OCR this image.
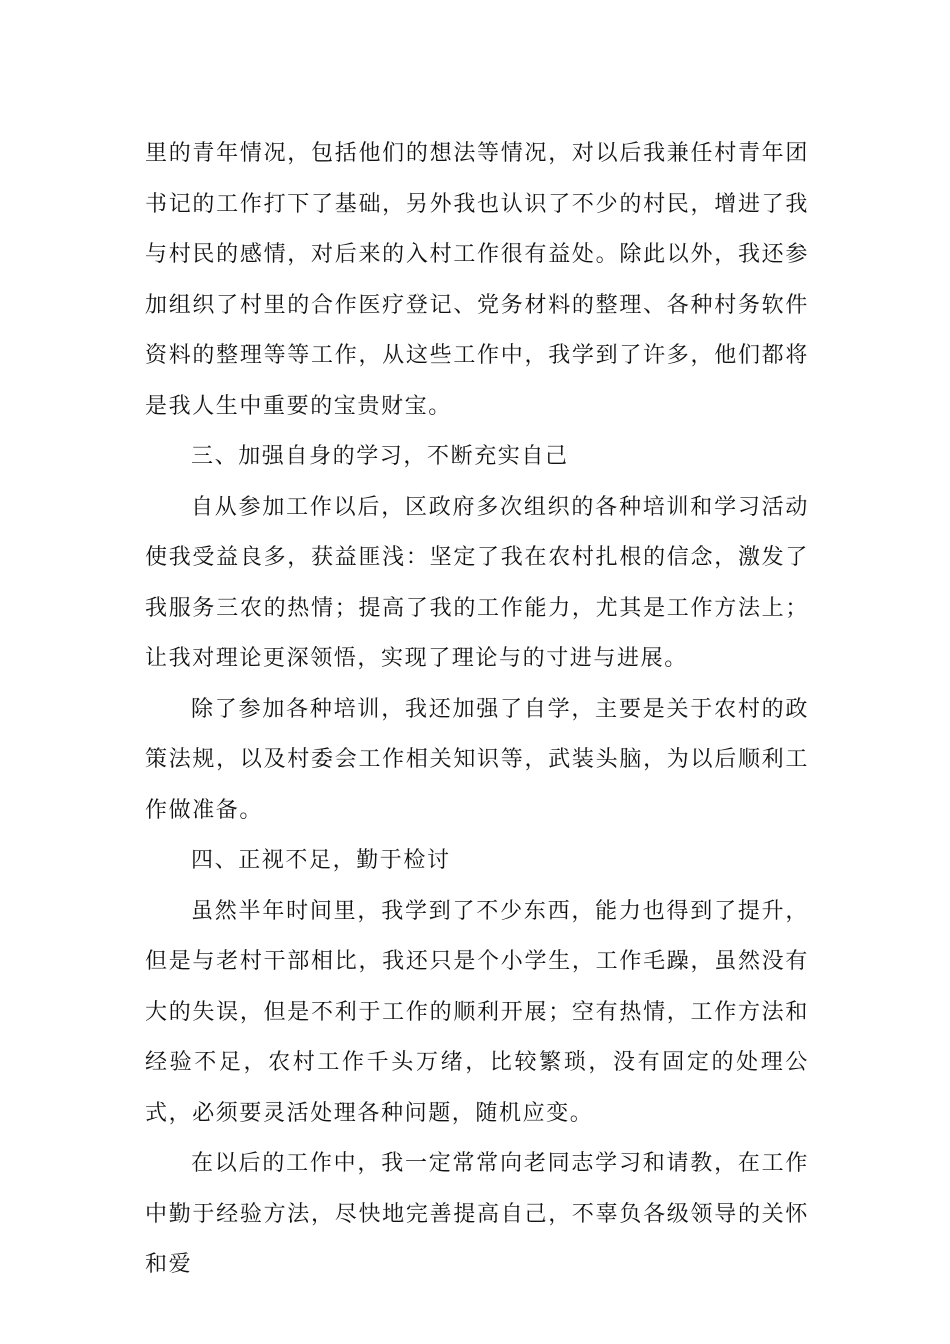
里的青年情况，包括他们的想法等情况，对以后我兼任村青年团书记的工作打下了基础，另外我也认识了不少的村民，增进了我与村民的感情，对后来的入村工作很有益处。除此以外，我还参加组织了村里的合作医疗登记、党务材料的整理、各种村务软件资料的整理等等工作，从这些工作中，我学到了许多，他们都将是我人生中重要的宝贵财宝。

三、加强自身的学习，不断充实自己

自从参加工作以后，区政府多次组织的各种培训和学习活动使我受益良多，获益匪浅：坚定了我在农村扎根的信念，激发了我服务三农的热情；提高了我的工作能力，尤其是工作方法上；让我对理论更深领悟，实现了理论与的寸进与进展。

除了参加各种培训，我还加强了自学，主要是关于农村的政策法规，以及村委会工作相关知识等，武装头脑，为以后顺利工作做准备。

四、正视不足，勤于检讨

虽然半年时间里，我学到了不少东西，能力也得到了提升，但是与老村干部相比，我还只是个小学生，工作毛躁，虽然没有大的失误，但是不利于工作的顺利开展；空有热情，工作方法和经验不足，农村工作千头万绪，比较繁琐，没有固定的处理公式，必须要灵活处理各种问题，随机应变。

在以后的工作中，我一定常常向老同志学习和请教，在工作中勤于经验方法，尽快地完善提高自己，不辜负各级领导的关怀和爱
